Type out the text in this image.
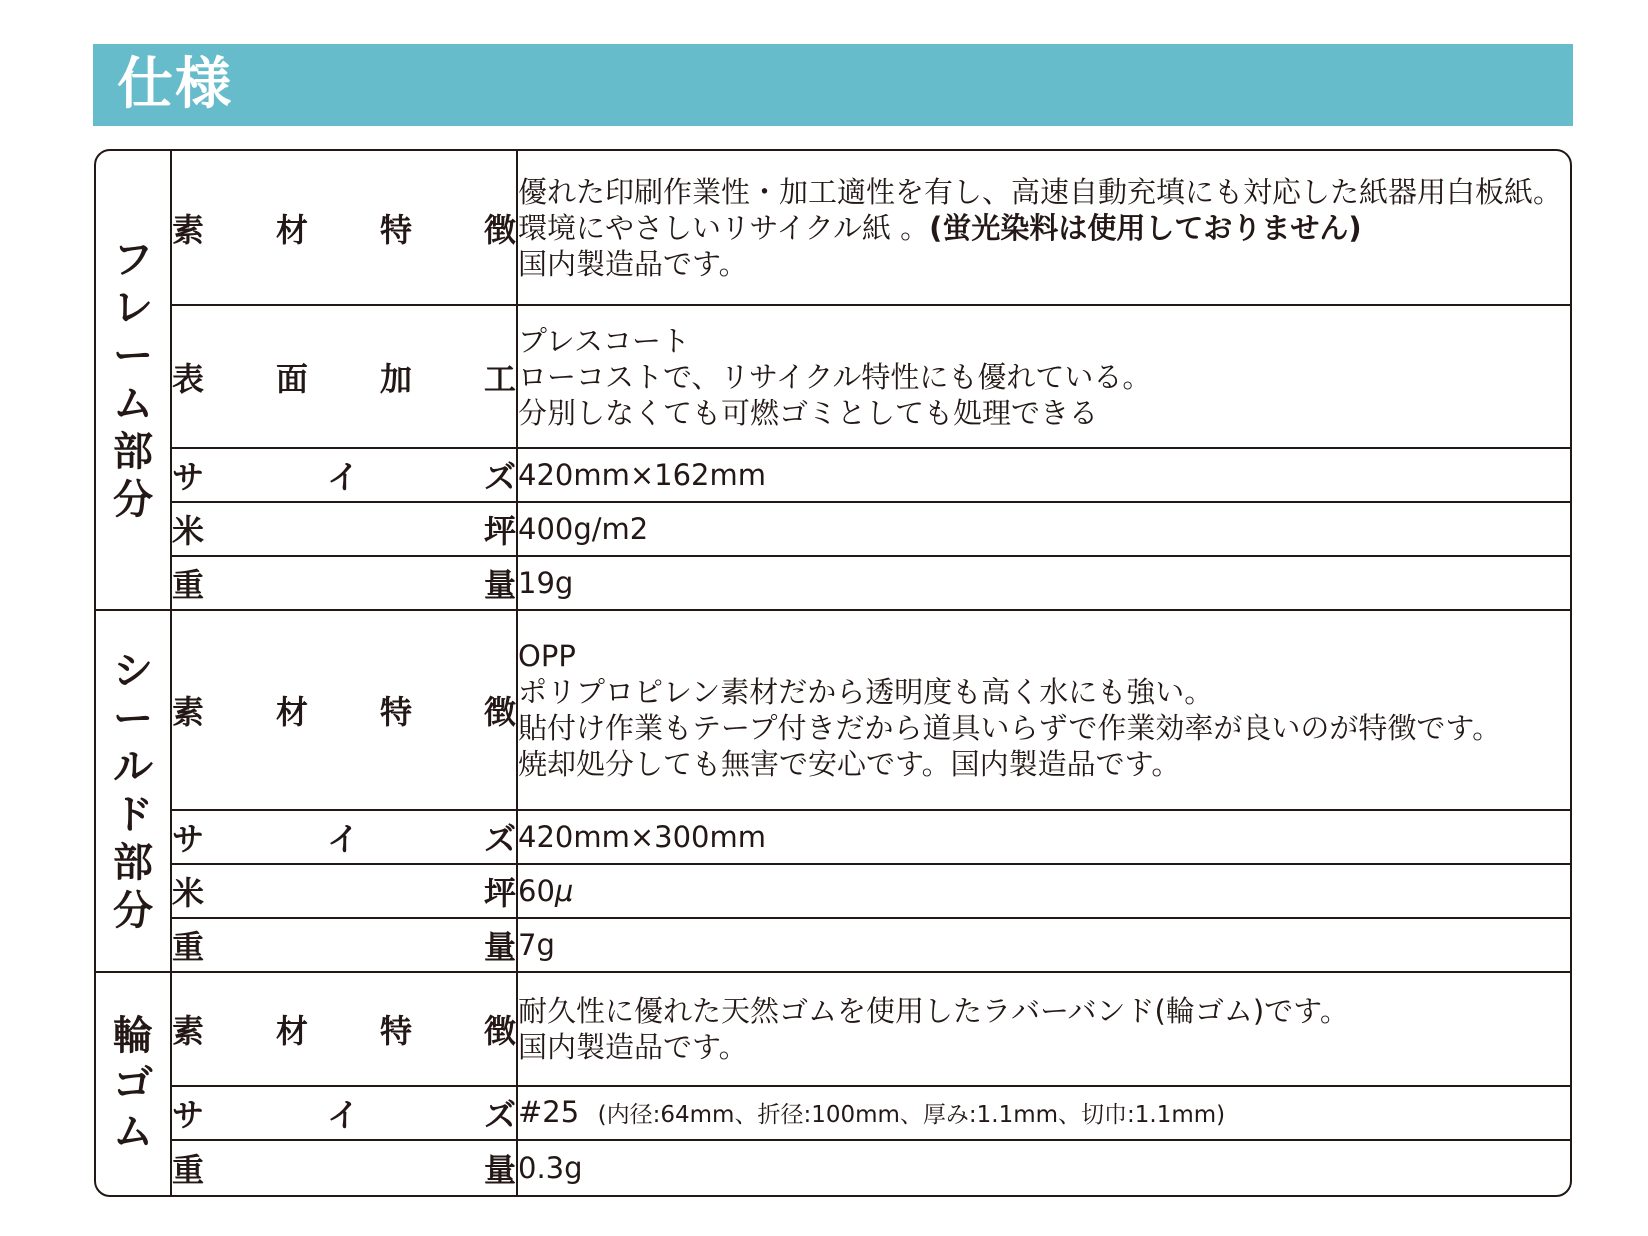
仕様
フレーム部分	素材特徴	優れた印刷作業性・加工適性を有し、高速自動充填にも対応した紙器用白板紙。
環境にやさしいリサイクル紙 。(蛍光染料は使用しておりません)
国内製造品です。

	表面加工	プレスコート
ローコストで、リサイクル特性にも優れている。
分別しなくても可燃ゴミとしても処理できる

	サイズ	420mm×162mm

	米坪	400g/m2

	重量	19g

シールド部分	素材特徴	OPP
ポリプロピレン素材だから透明度も高く水にも強い。
貼付け作業もテープ付きだから道具いらずで作業効率が良いのが特徴です。
焼却処分しても無害で安心です。国内製造品です。

	サイズ	420mm×300mm

	米坪	60μ

	重量	7g

輪ゴム	素材特徴	耐久性に優れた天然ゴムを使用したラバーバンド(輪ゴム)です。
国内製造品です。

	サイズ	#25 (内径:64mm、折径:100mm、厚み:1.1mm、切巾:1.1mm)

	重量	0.3g
